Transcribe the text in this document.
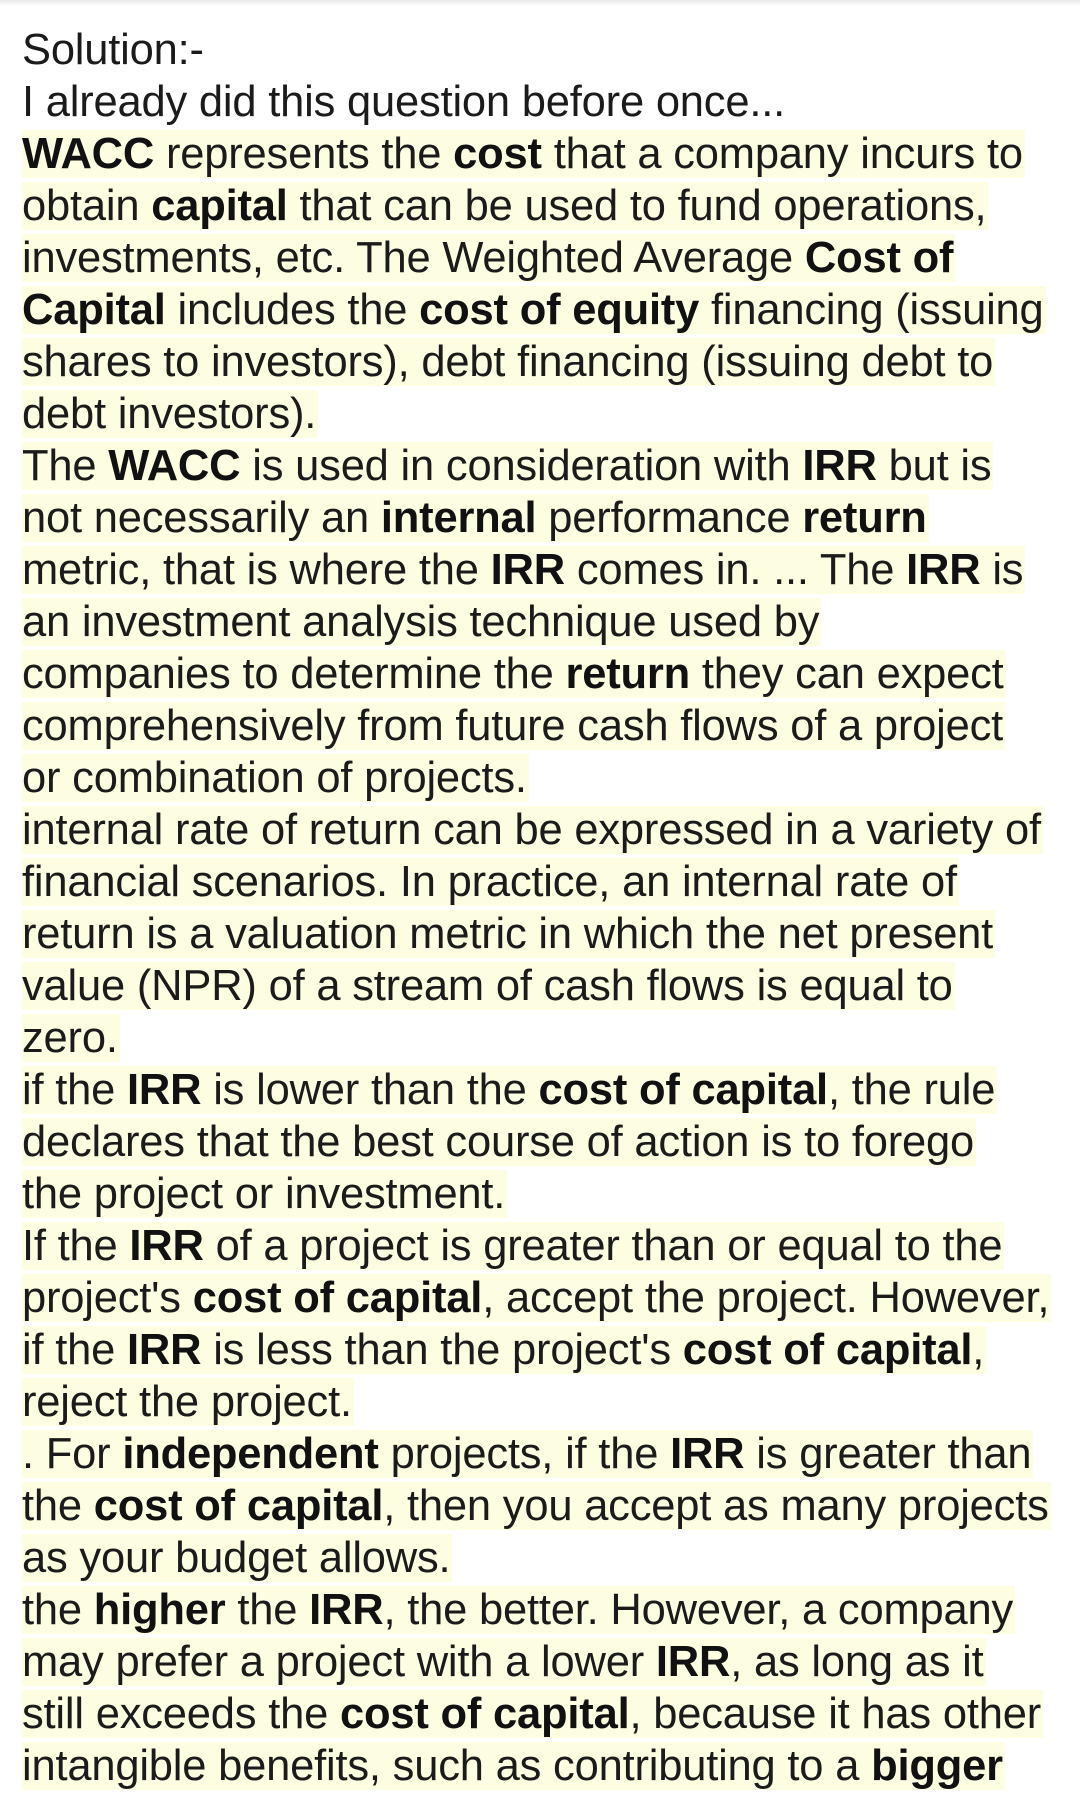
Solution:-
I already did this question before once...
WACC represents the cost that a company incurs to
obtain capital that can be used to fund operations,
investments, etc. The Weighted Average Cost of
Capital includes the cost of equity financing (issuing
shares to investors), debt financing (issuing debt to
debt investors).
The WACC is used in consideration with IRR but is
not necessarily an internal performance return
metric, that is where the IRR comes in. ... The IRR is
an investment analysis technique used by
companies to determine the return they can expect
comprehensively from future cash flows of a project
or combination of projects.
internal rate of return can be expressed in a variety of
financial scenarios. In practice, an internal rate of
return is a valuation metric in which the net present
value (NPR) of a stream of cash flows is equal to
zero.
if the IRR is lower than the cost of capital, the rule
declares that the best course of action is to forego
the project or investment.
If the IRR of a project is greater than or equal to the
project's cost of capital, accept the project. However,
if the IRR is less than the project's cost of capital,
reject the project.
. For independent projects, if the IRR is greater than
the cost of capital, then you accept as many projects
as your budget allows.
the higher the IRR, the better. However, a company
may prefer a project with a lower IRR, as long as it
still exceeds the cost of capital, because it has other
intangible benefits, such as contributing to a bigger
